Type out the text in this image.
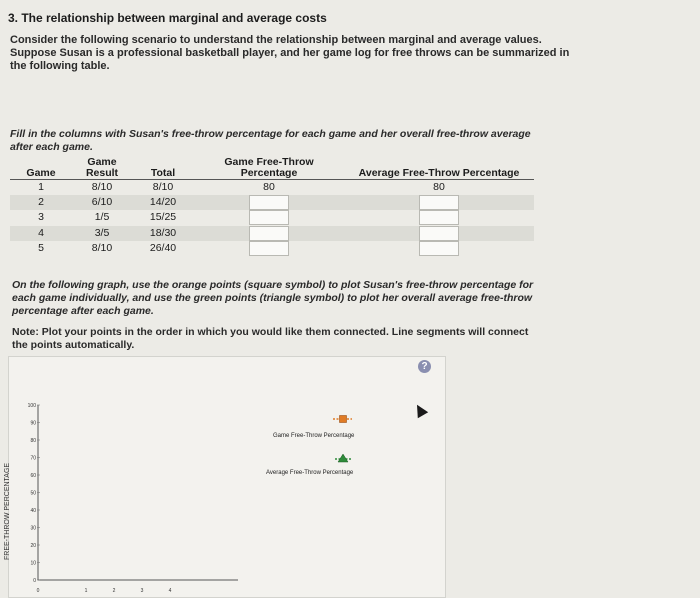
3. The relationship between marginal and average costs
Consider the following scenario to understand the relationship between marginal and average values. Suppose Susan is a professional basketball player, and her game log for free throws can be summarized in the following table.
Fill in the columns with Susan's free-throw percentage for each game and her overall free-throw average after each game.
Game	Game Result	Total	Game Free-Throw Percentage	Average Free-Throw Percentage
1	8/10	8/10	80	80
2	6/10	14/20		
3	1/5	15/25		
4	3/5	18/30		
5	8/10	26/40		
On the following graph, use the orange points (square symbol) to plot Susan's free-throw percentage for each game individually, and use the green points (triangle symbol) to plot her overall average free-throw percentage after each game.
Note: Plot your points in the order in which you would like them connected. Line segments will connect the points automatically.
?
100
90
80
70
60
50
40
30
20
10
0
0	1	2	3	4
FREE-THROW PERCENTAGE
Game Free-Throw Percentage
Average Free-Throw Percentage
